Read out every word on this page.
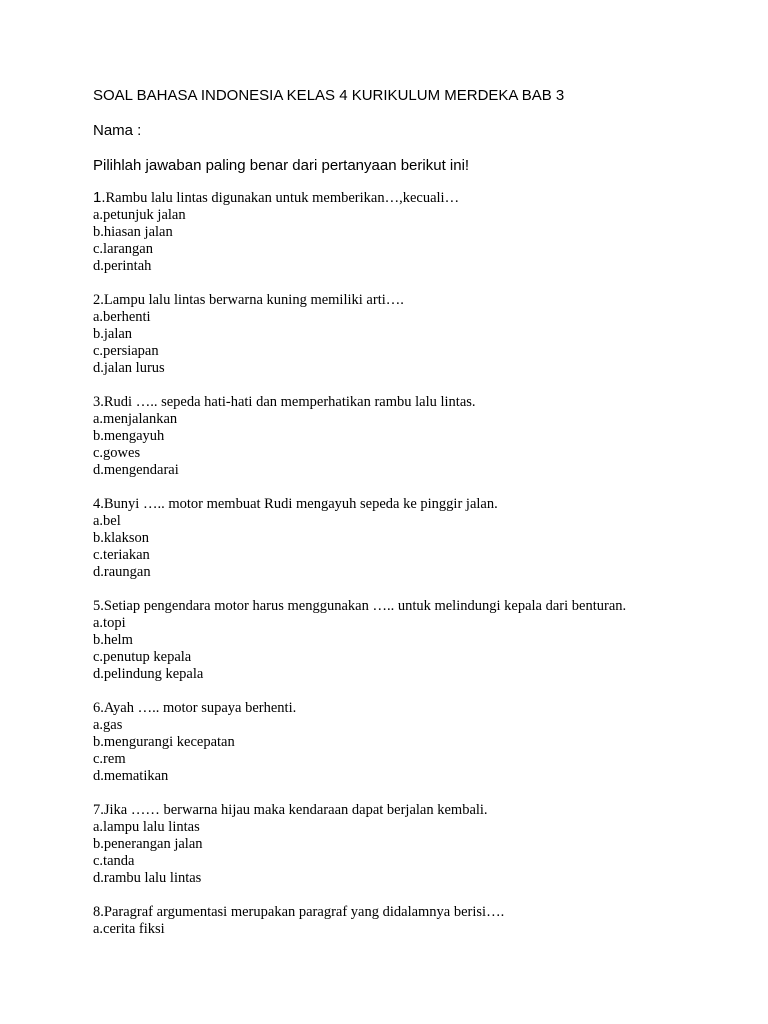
SOAL BAHASA INDONESIA KELAS 4 KURIKULUM MERDEKA BAB 3
Nama :
Pilihlah jawaban paling benar dari pertanyaan berikut ini!
1.Rambu lalu lintas digunakan untuk memberikan…,kecuali…
a.petunjuk jalan
b.hiasan jalan
c.larangan
d.perintah
2.Lampu lalu lintas berwarna kuning memiliki arti….
a.berhenti
b.jalan
c.persiapan
d.jalan lurus
3.Rudi ….. sepeda hati-hati dan memperhatikan rambu lalu lintas.
a.menjalankan
b.mengayuh
c.gowes
d.mengendarai
4.Bunyi ….. motor membuat Rudi mengayuh sepeda ke pinggir jalan.
a.bel
b.klakson
c.teriakan
d.raungan
5.Setiap pengendara motor harus menggunakan ….. untuk melindungi kepala dari benturan.
a.topi
b.helm
c.penutup kepala
d.pelindung kepala
6.Ayah ….. motor supaya berhenti.
a.gas
b.mengurangi kecepatan
c.rem
d.mematikan
7.Jika …… berwarna hijau maka kendaraan dapat berjalan kembali.
a.lampu lalu lintas
b.penerangan jalan
c.tanda
d.rambu lalu lintas
8.Paragraf argumentasi merupakan paragraf yang didalamnya berisi….
a.cerita fiksi
